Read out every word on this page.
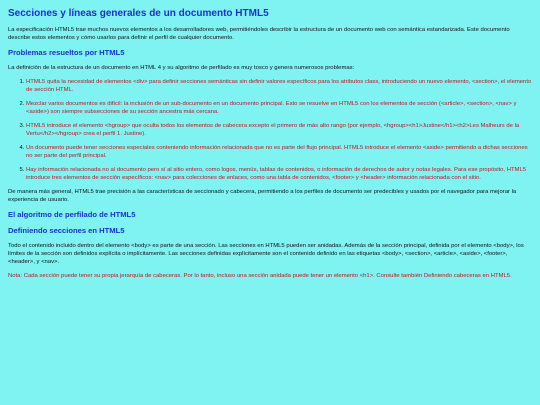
Secciones y líneas generales de un documento HTML5

La especificación HTML5 trae muchos nuevos elementos a los desarrolladores web, permitiéndoles describir la estructura de un documento web con semántica estandarizada. Este documento describe estos elementos y cómo usarlos para definir el perfil de cualquier documento.

Problemas resueltos por HTML5

La definición de la estructura de un documento en HTML 4 y su algoritmo de perfilado es muy tosco y genera numerosos problemas:

1. HTML5 quita la necesidad de elementos <div> para definir secciones semánticas sin definir valores específicos para los atributos class, introduciendo un nuevo elemento, <section>, el elemento de sección HTML.
2. Mezclar varios documentos es difícil: la inclusión de un sub-documento en un documento principal. Esto se resuelve en HTML5 con los elementos de sección (<article>, <section>, <nav> y <aside>) son siempre subsecciones de su sección ancestra más cercana.
3. HTML5 introduce el elemento <hgroup> que oculta todos los elementos de cabecera excepto el primero de más alto rango (por ejemplo, <hgroup><h1>Justine</h1><h2>Les Malheurs de la Vertu</h2></hgroup> crea el perfil 1. Justine).
4. Un documento puede tener secciones especiales conteniendo información relacionada que no es parte del flujo principal. HTML5 introduce el elemento <aside> permitiendo a dichas secciones no ser parte del perfil principal.
5. Hay información relacionada no al documento pero sí al sitio entero, como logos, menús, tablas de contenidos, o información de derechos de autor y notas legales. Para ese propósito, HTML5 introduce tres elementos de sección específicos: <nav> para colecciones de enlaces, como una tabla de contenidos, <footer> y <header> información relacionada con el sitio.

De manera más general, HTML5 trae precisión a las características de seccionado y cabecera, permitiendo a los perfiles de documento ser predecibles y usados por el navegador para mejorar la experiencia de usuario.

El algoritmo de perfilado de HTML5
Definiendo secciones en HTML5

Todo el contenido incluido dentro del elemento <body> es parte de una sección. Las secciones en HTML5 pueden ser anidadas. Además de la sección principal, definida por el elemento <body>, los límites de la sección son definidos explícita o implícitamente. Las secciones definidas explícitamente son el contenido definido en las etiquetas <body>, <section>, <article>, <aside>, <footer>, <header>, y <nav>.

Nota: Cada sección puede tener su propia jerarquía de cabeceras. Por lo tanto, incluso una sección anidada puede tener un elemento <h1>. Consulte también Definiendo cabeceras en HTML5.
